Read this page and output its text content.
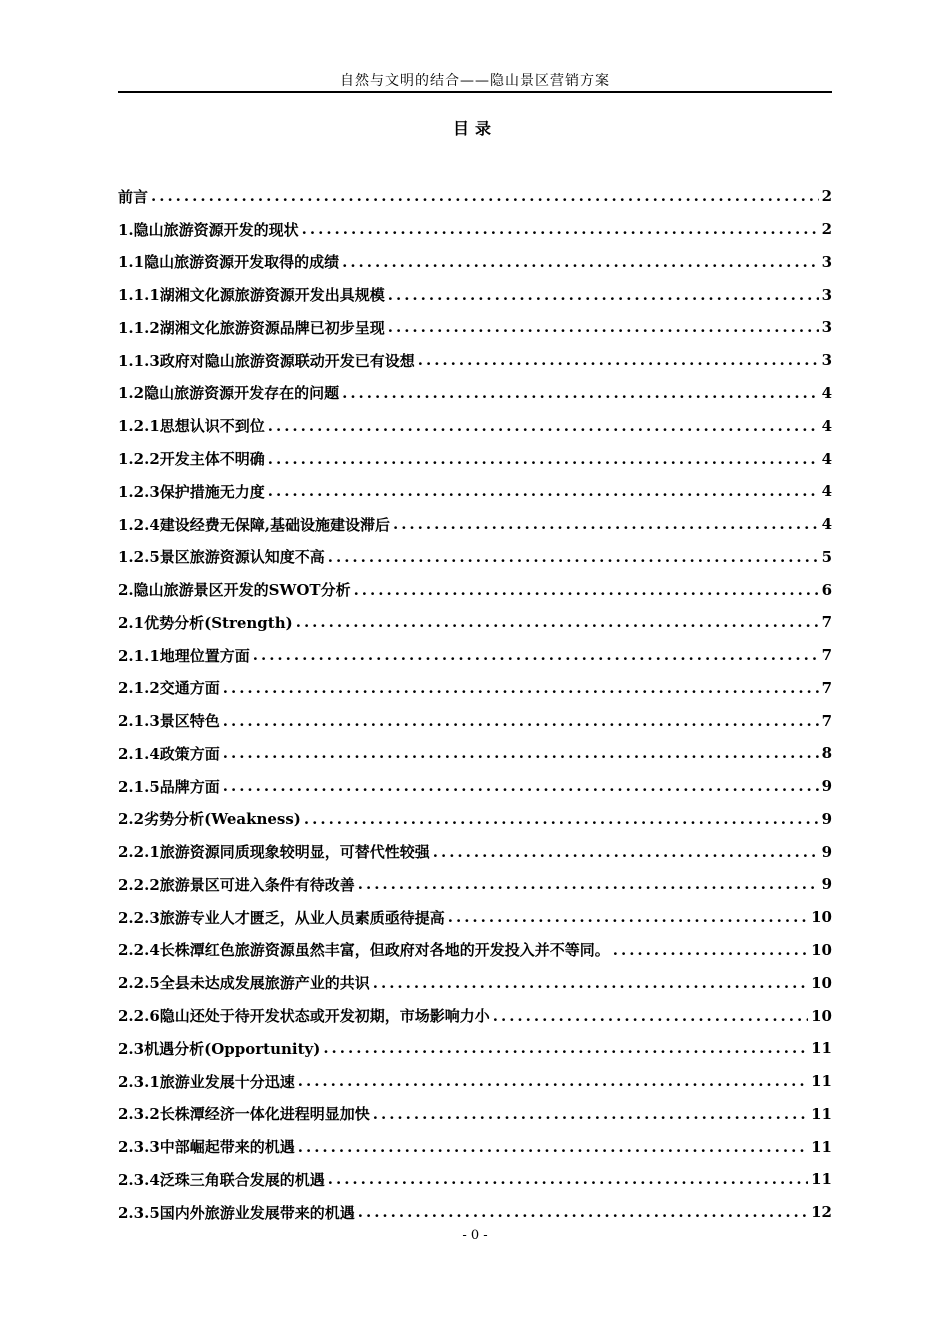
自然与文明的结合——隐山景区营销方案
目录
前言 .....	2
1.隐山旅游资源开发的现状 .....	2
1.1隐山旅游资源开发取得的成绩 .....	3
1.1.1湖湘文化源旅游资源开发出具规模 .....	3
1.1.2湖湘文化旅游资源品牌已初步呈现 .....	3
1.1.3政府对隐山旅游资源联动开发已有设想 .....	3
1.2隐山旅游资源开发存在的问题 .....	4
1.2.1思想认识不到位 .....	4
1.2.2开发主体不明确 .....	4
1.2.3保护措施无力度 .....	4
1.2.4建设经费无保障,基础设施建设滞后 .....	4
1.2.5景区旅游资源认知度不高 .....	5
2.隐山旅游景区开发的SWOT分析 .....	6
2.1优势分析(Strength) .....	7
2.1.1地理位置方面 .....	7
2.1.2交通方面 .....	7
2.1.3景区特色 .....	7
2.1.4政策方面 .....	8
2.1.5品牌方面 .....	9
2.2劣势分析(Weakness) .....	9
2.2.1旅游资源同质现象较明显，可替代性较强 .....	9
2.2.2旅游景区可进入条件有待改善 .....	9
2.2.3旅游专业人才匮乏，从业人员素质亟待提高 .....	10
2.2.4长株潭红色旅游资源虽然丰富，但政府对各地的开发投入并不等同。 .....	10
2.2.5全县未达成发展旅游产业的共识 .....	10
2.2.6隐山还处于待开发状态或开发初期，市场影响力小 .....	10
2.3机遇分析(Opportunity) .....	11
2.3.1旅游业发展十分迅速 .....	11
2.3.2长株潭经济一体化进程明显加快 .....	11
2.3.3中部崛起带来的机遇 .....	11
2.3.4泛珠三角联合发展的机遇 .....	11
2.3.5国内外旅游业发展带来的机遇 .....	12
- 0 -
